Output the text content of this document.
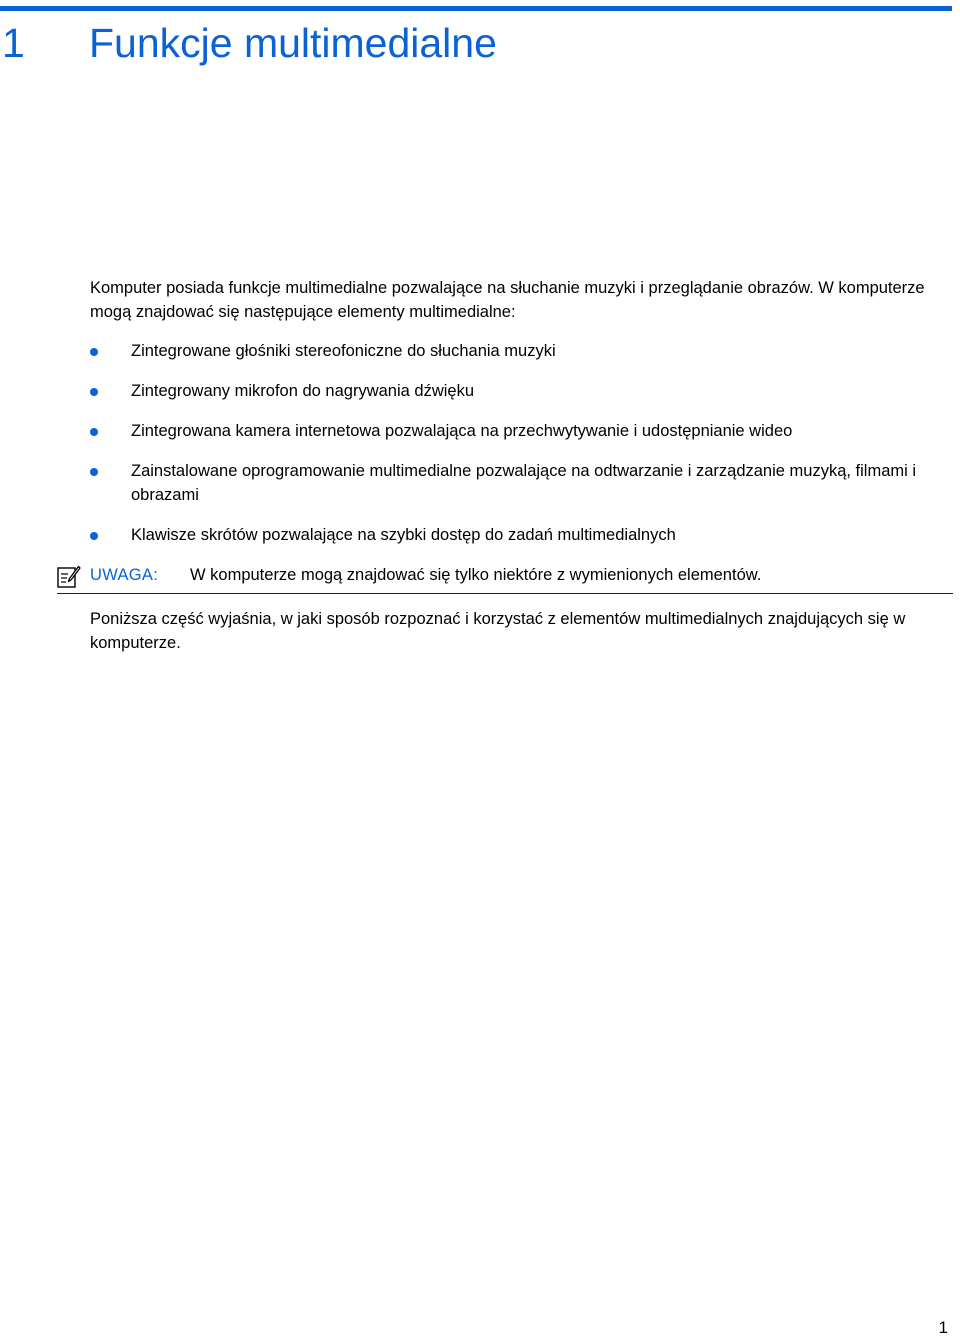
1 Funkcje multimedialne

Komputer posiada funkcje multimedialne pozwalające na słuchanie muzyki i przeglądanie obrazów. W komputerze mogą znajdować się następujące elementy multimedialne:

Zintegrowane głośniki stereofoniczne do słuchania muzyki
Zintegrowany mikrofon do nagrywania dźwięku
Zintegrowana kamera internetowa pozwalająca na przechwytywanie i udostępnianie wideo
Zainstalowane oprogramowanie multimedialne pozwalające na odtwarzanie i zarządzanie muzyką, filmami i obrazami
Klawisze skrótów pozwalające na szybki dostęp do zadań multimedialnych
UWAGA: W komputerze mogą znajdować się tylko niektóre z wymienionych elementów.

Poniższa część wyjaśnia, w jaki sposób rozpoznać i korzystać z elementów multimedialnych znajdujących się w komputerze.

1
